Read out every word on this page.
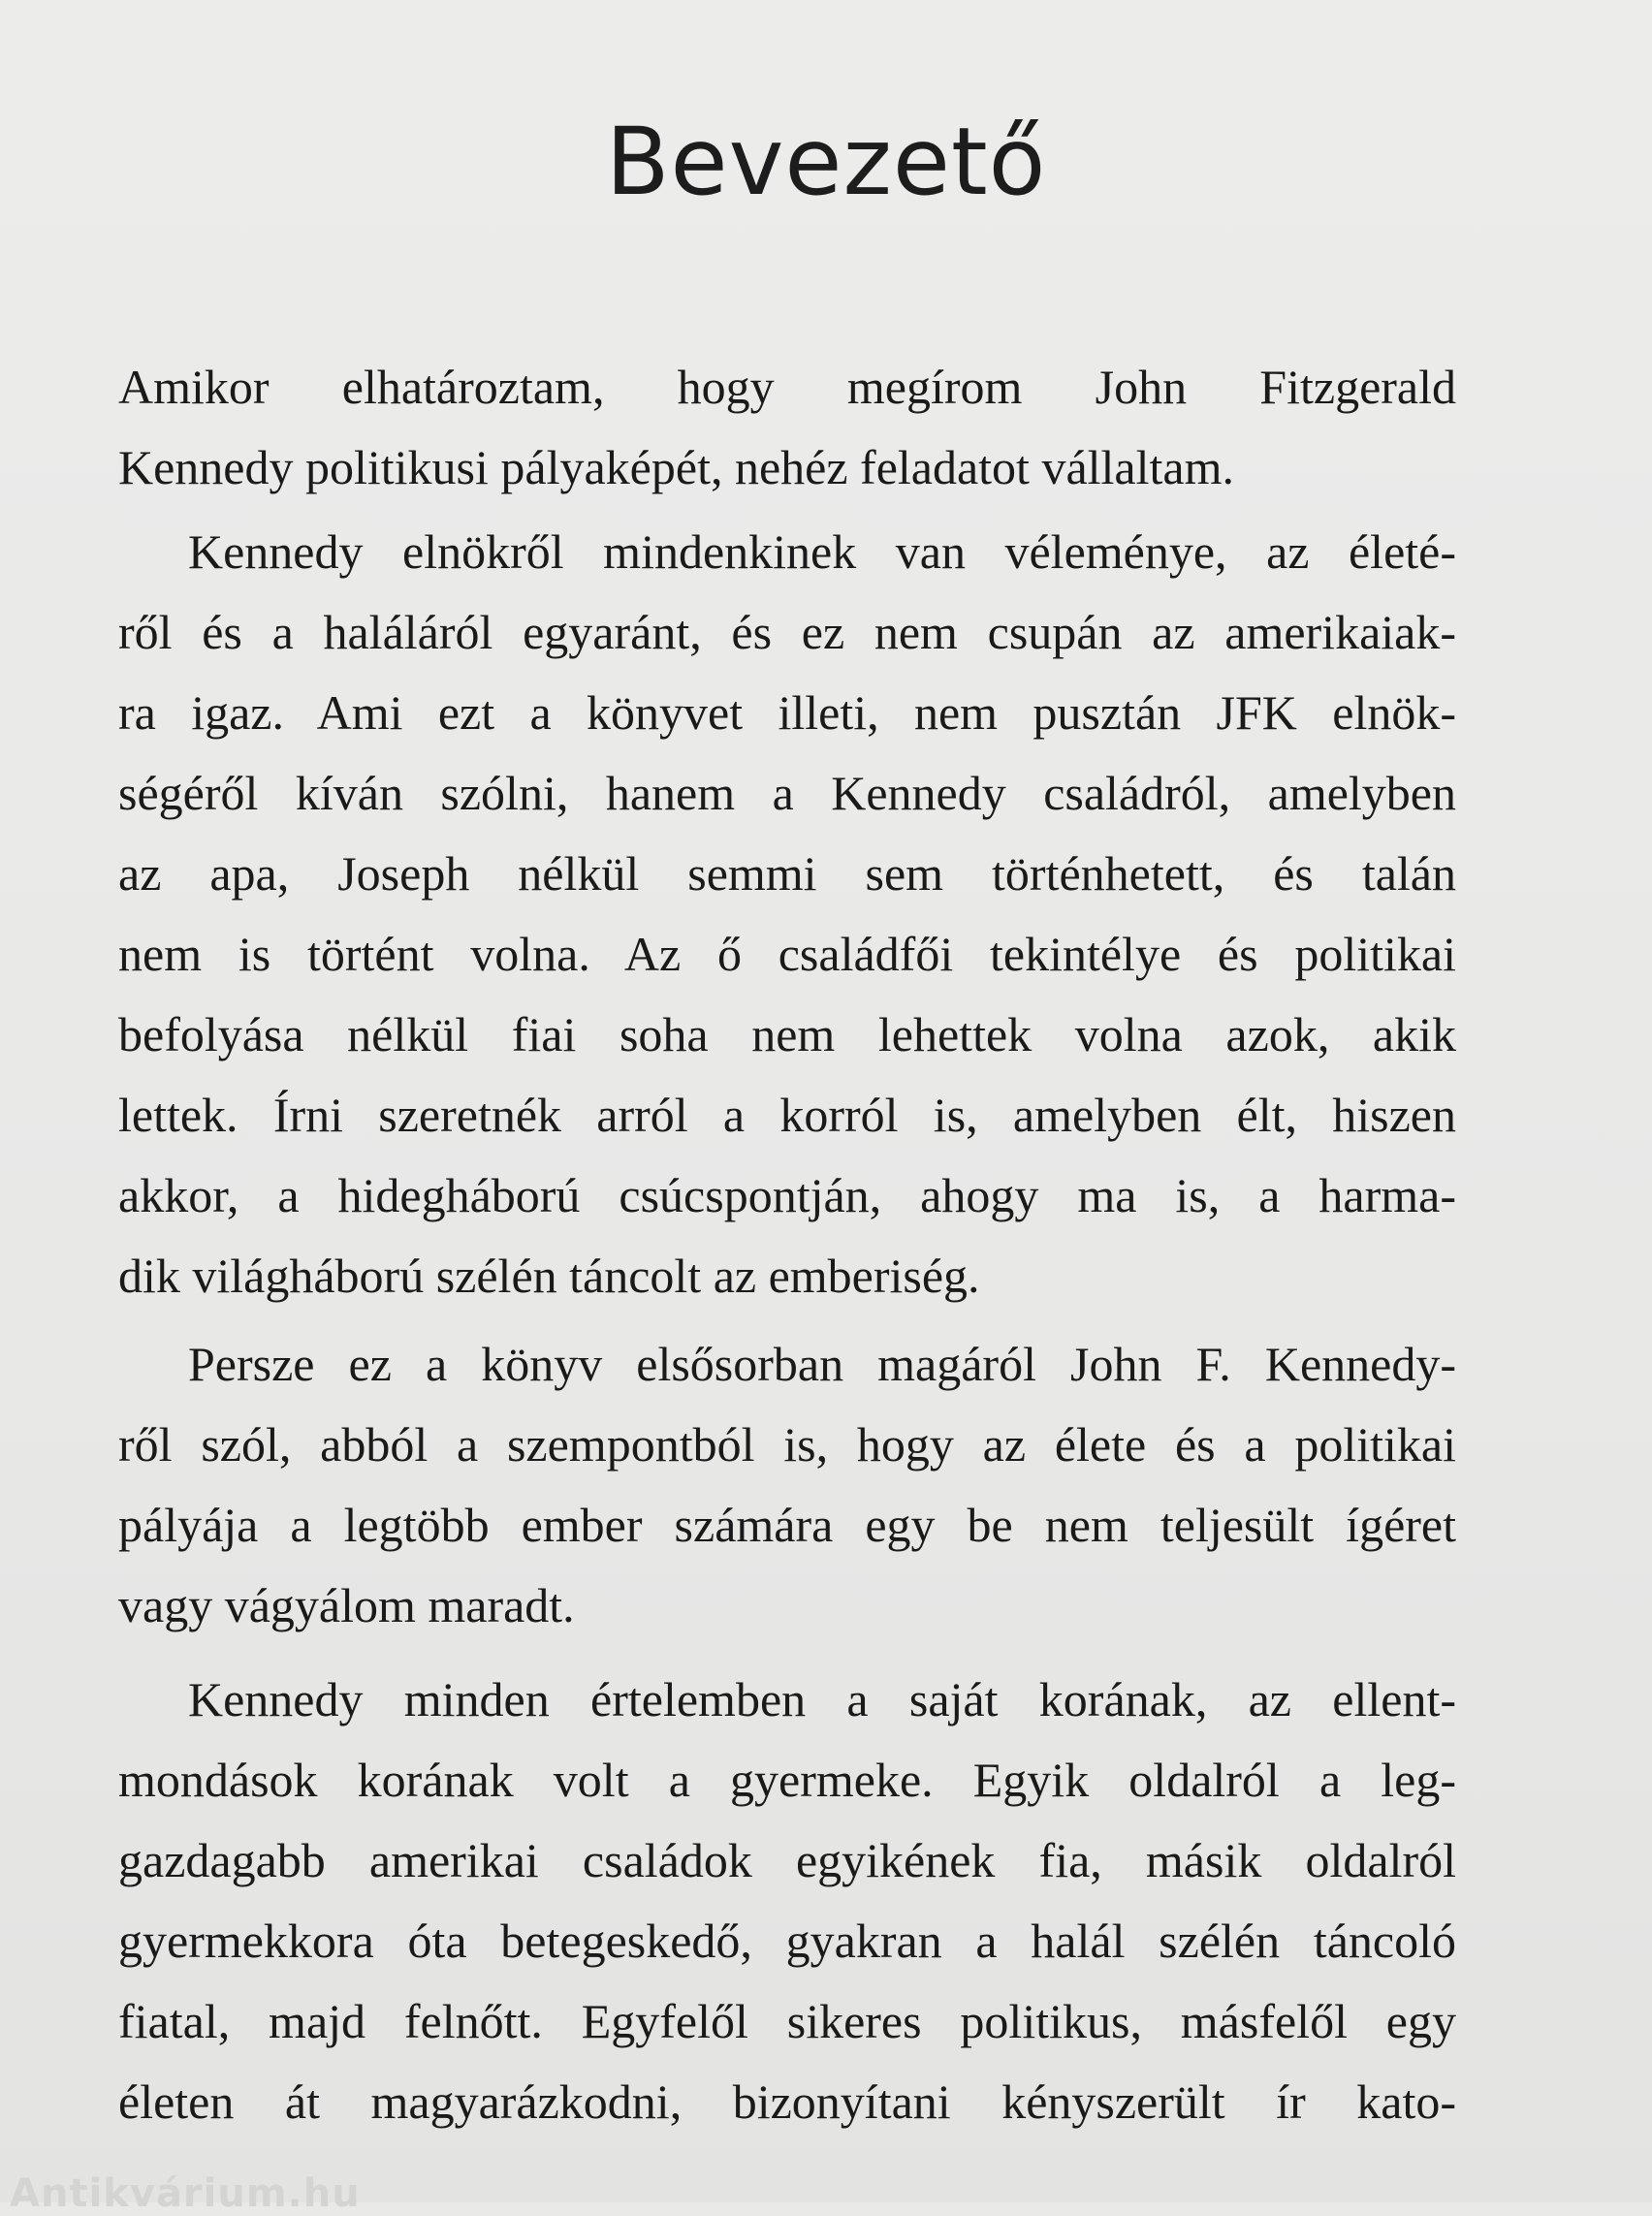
Bevezető
Amikor elhatároztam, hogy megírom John Fitzgerald
Kennedy politikusi pályaképét, nehéz feladatot vállaltam.
Kennedy elnökről mindenkinek van véleménye, az életé-
ről és a haláláról egyaránt, és ez nem csupán az amerikaiak-
ra igaz. Ami ezt a könyvet illeti, nem pusztán JFK elnök-
ségéről kíván szólni, hanem a Kennedy családról, amelyben
az apa, Joseph nélkül semmi sem történhetett, és talán
nem is történt volna. Az ő családfői tekintélye és politikai
befolyása nélkül fiai soha nem lehettek volna azok, akik
lettek. Írni szeretnék arról a korról is, amelyben élt, hiszen
akkor, a hidegháború csúcspontján, ahogy ma is, a harma-
dik világháború szélén táncolt az emberiség.
Persze ez a könyv elsősorban magáról John F. Kennedy-
ről szól, abból a szempontból is, hogy az élete és a politikai
pályája a legtöbb ember számára egy be nem teljesült ígéret
vagy vágyálom maradt.
Kennedy minden értelemben a saját korának, az ellent-
mondások korának volt a gyermeke. Egyik oldalról a leg-
gazdagabb amerikai családok egyikének fia, másik oldalról
gyermekkora óta betegeskedő, gyakran a halál szélén táncoló
fiatal, majd felnőtt. Egyfelől sikeres politikus, másfelől egy
életen át magyarázkodni, bizonyítani kényszerült ír kato-
Antikvárium.hu
